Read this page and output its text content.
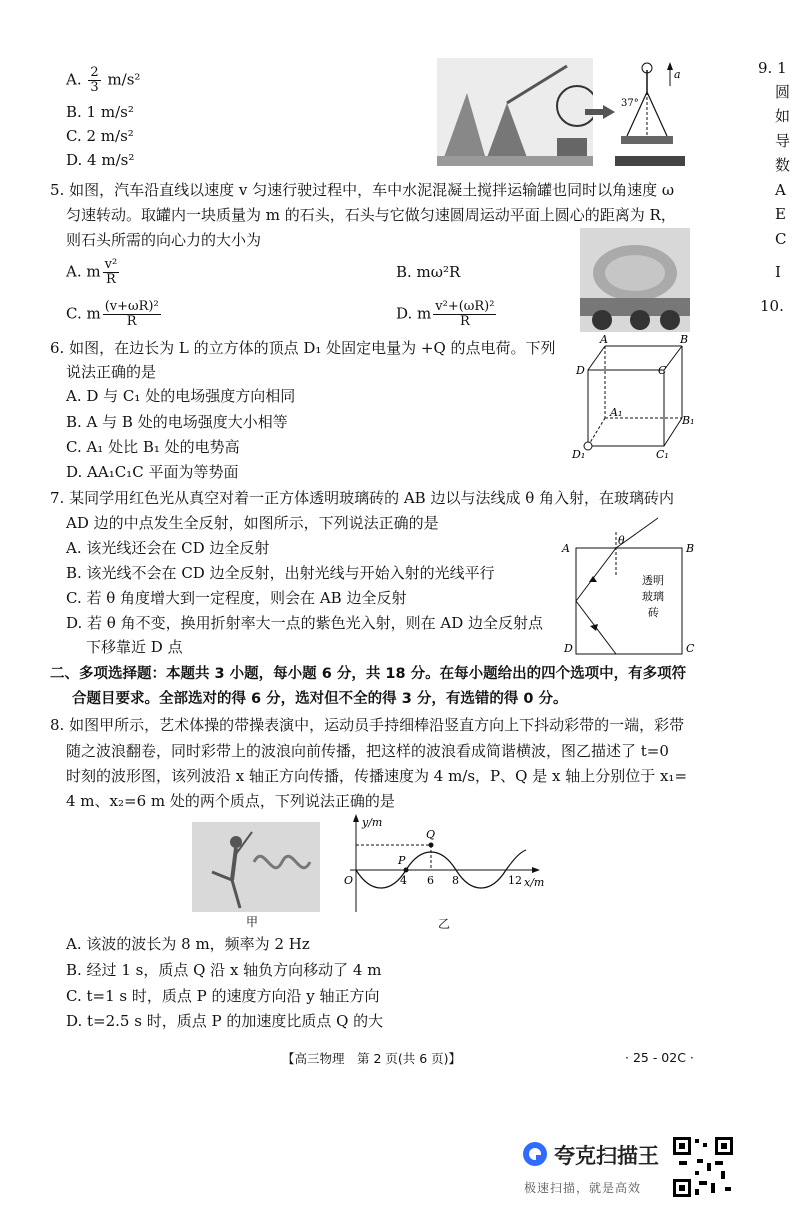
A. $\frac{2}{3} m/s^2$
B. 1 m/s²
C. 2 m/s²
D. 4 m/s²
a
37°
5. 如图，汽车沿直线以速度 v 匀速行驶过程中，车中水泥混凝土搅拌运输罐也同时以角速度 ω
匀速转动。取罐内一块质量为 m 的石头，石头与它做匀速圆周运动平面上圆心的距离为 R，
则石头所需的向心力的大小为
A. m $\frac{\text{v²}}{R}$	B. mω²R
C. m $\frac{\text{(v+ωR)²}}{R}$	D. m $\frac{\text{v²+(ωR)²}}{R}$
6. 如图，在边长为 L 的立方体的顶点 D₁ 处固定电量为 +Q 的点电荷。下列
说法正确的是
A. D 与 C₁ 处的电场强度方向相同
B. A 与 B 处的电场强度大小相等
C. A₁ 处比 B₁ 处的电势高
D. AA₁C₁C 平面为等势面
A	B
D	C
A₁
B₁
D₁	C₁
7. 某同学用红色光从真空对着一正方体透明玻璃砖的 AB 边以与法线成 θ 角入射，在玻璃砖内
AD 边的中点发生全反射，如图所示，下列说法正确的是
A. 该光线还会在 CD 边全反射
B. 该光线不会在 CD 边全反射，出射光线与开始入射的光线平行
C. 若 θ 角度增大到一定程度，则会在 AB 边全反射
D. 若 θ 角不变，换用折射率大一点的紫色光入射，则在 AD 边全反射点
下移靠近 D 点
θ
A	B
D	C
透明
玻璃
砖
二、多项选择题：本题共 3 小题，每小题 6 分，共 18 分。在每小题给出的四个选项中，有多项符
合题目要求。全部选对的得 6 分，选对但不全的得 3 分，有选错的得 0 分。
8. 如图甲所示，艺术体操的带操表演中，运动员手持细棒沿竖直方向上下抖动彩带的一端，彩带
随之波浪翻卷，同时彩带上的波浪向前传播，把这样的波浪看成简谐横波，图乙描述了 t=0
时刻的波形图，该列波沿 x 轴正方向传播，传播速度为 4 m/s，P、Q 是 x 轴上分别位于 x₁=
4 m、x₂=6 m 处的两个质点，下列说法正确的是
甲
y/m
x/m
O	4 6 8	12
P
Q
乙
A. 该波的波长为 8 m，频率为 2 Hz
B. 经过 1 s，质点 Q 沿 x 轴负方向移动了 4 m
C. t=1 s 时，质点 P 的速度方向沿 y 轴正方向
D. t=2.5 s 时，质点 P 的加速度比质点 Q 的大
【高三物理　第 2 页(共 6 页)】	· 25 - 02C ·
9. 1
圆
如
导
数
A
E
C
I
10.
夸克扫描王
极速扫描，就是高效
